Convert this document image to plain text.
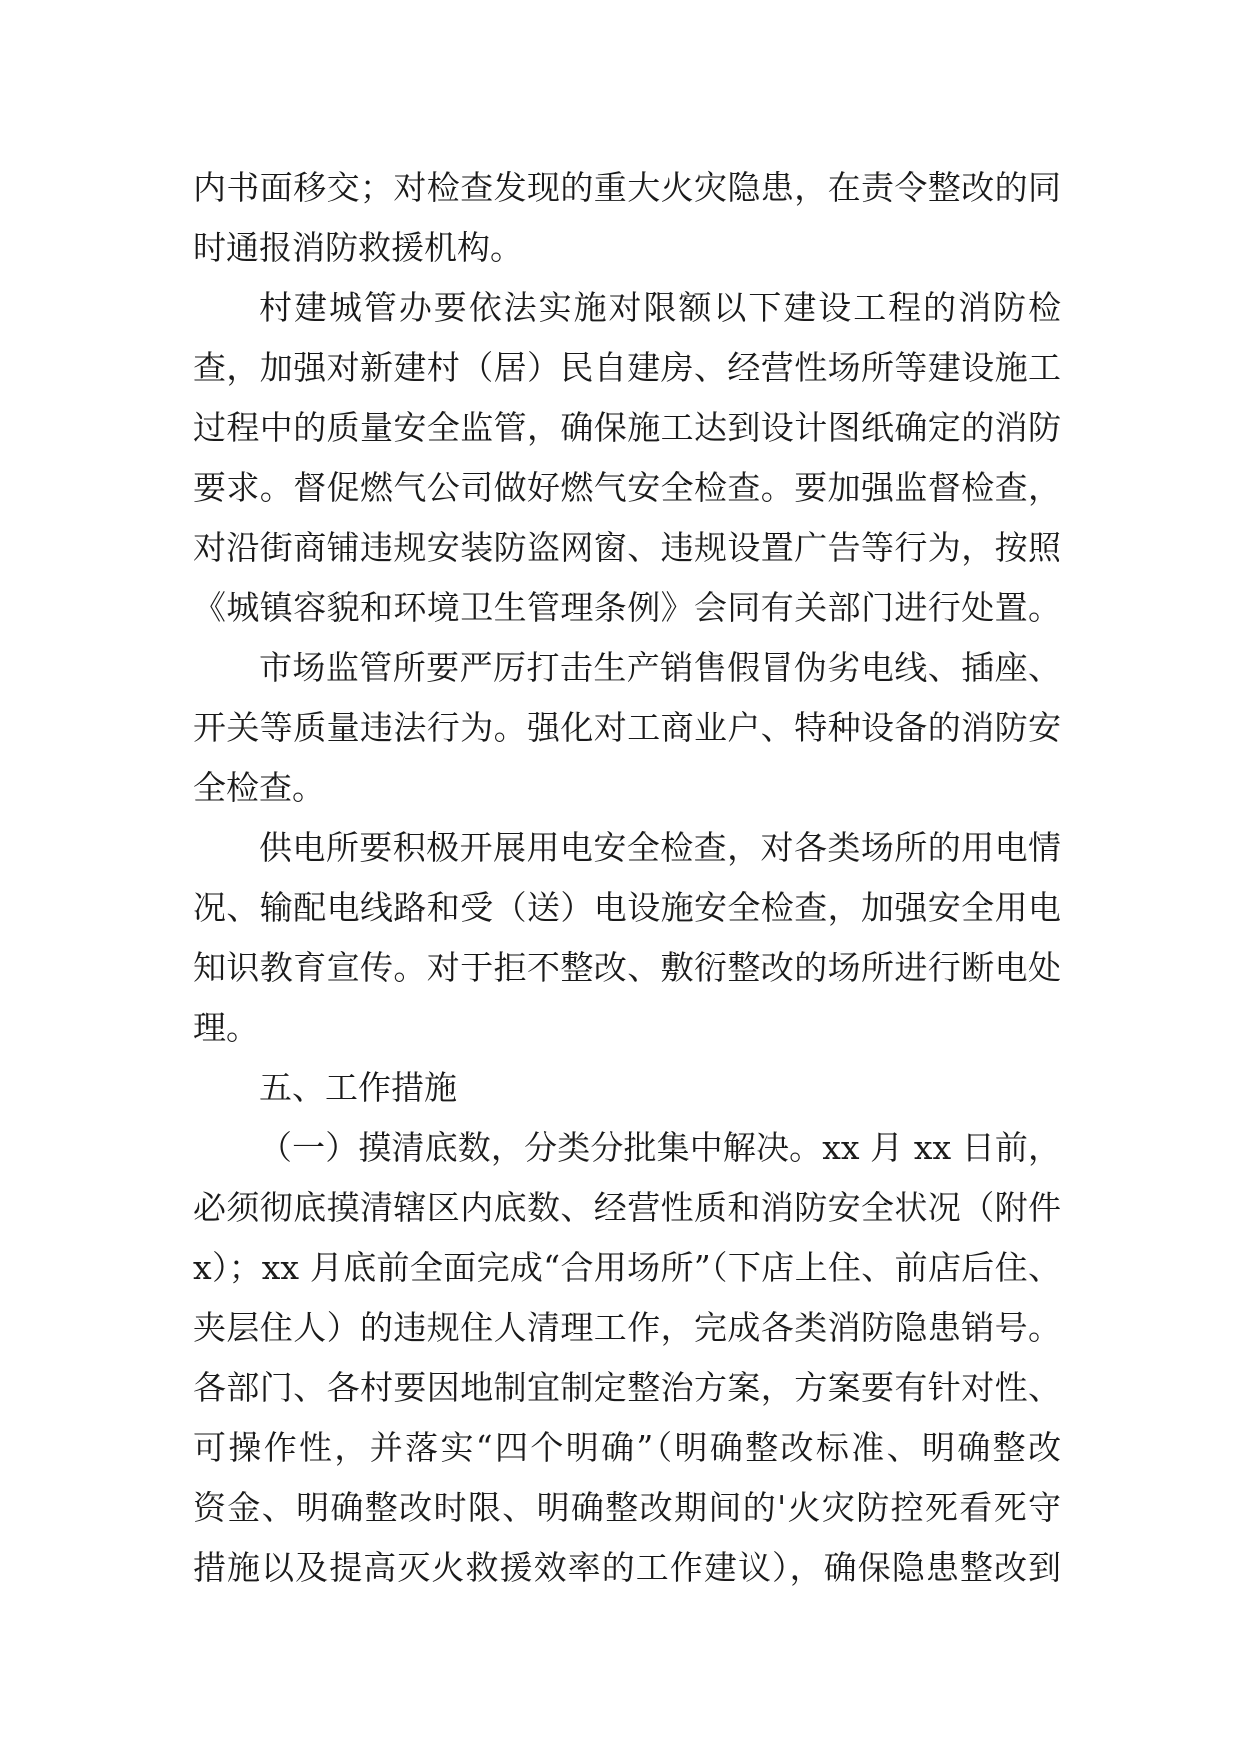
内书面移交；对检查发现的重大火灾隐患，在责令整改的同
时通报消防救援机构。
村建城管办要依法实施对限额以下建设工程的消防检
查，加强对新建村（居）民自建房、经营性场所等建设施工
过程中的质量安全监管，确保施工达到设计图纸确定的消防
要求。督促燃气公司做好燃气安全检查。要加强监督检查，
对沿街商铺违规安装防盗网窗、违规设置广告等行为，按照
《城镇容貌和环境卫生管理条例》会同有关部门进行处置。
市场监管所要严厉打击生产销售假冒伪劣电线、插座、
开关等质量违法行为。强化对工商业户、特种设备的消防安
全检查。
供电所要积极开展用电安全检查，对各类场所的用电情
况、输配电线路和受（送）电设施安全检查，加强安全用电
知识教育宣传。对于拒不整改、敷衍整改的场所进行断电处
理。
五、工作措施
（一）摸清底数，分类分批集中解决。xx 月 xx 日前，
必须彻底摸清辖区内底数、经营性质和消防安全状况（附件
x）；xx 月底前全面完成“合用场所”（下店上住、前店后住、
夹层住人）的违规住人清理工作，完成各类消防隐患销号。
各部门、各村要因地制宜制定整治方案，方案要有针对性、
可操作性，并落实“四个明确”（明确整改标准、明确整改
资金、明确整改时限、明确整改期间的'火灾防控死看死守
措施以及提高灭火救援效率的工作建议），确保隐患整改到
